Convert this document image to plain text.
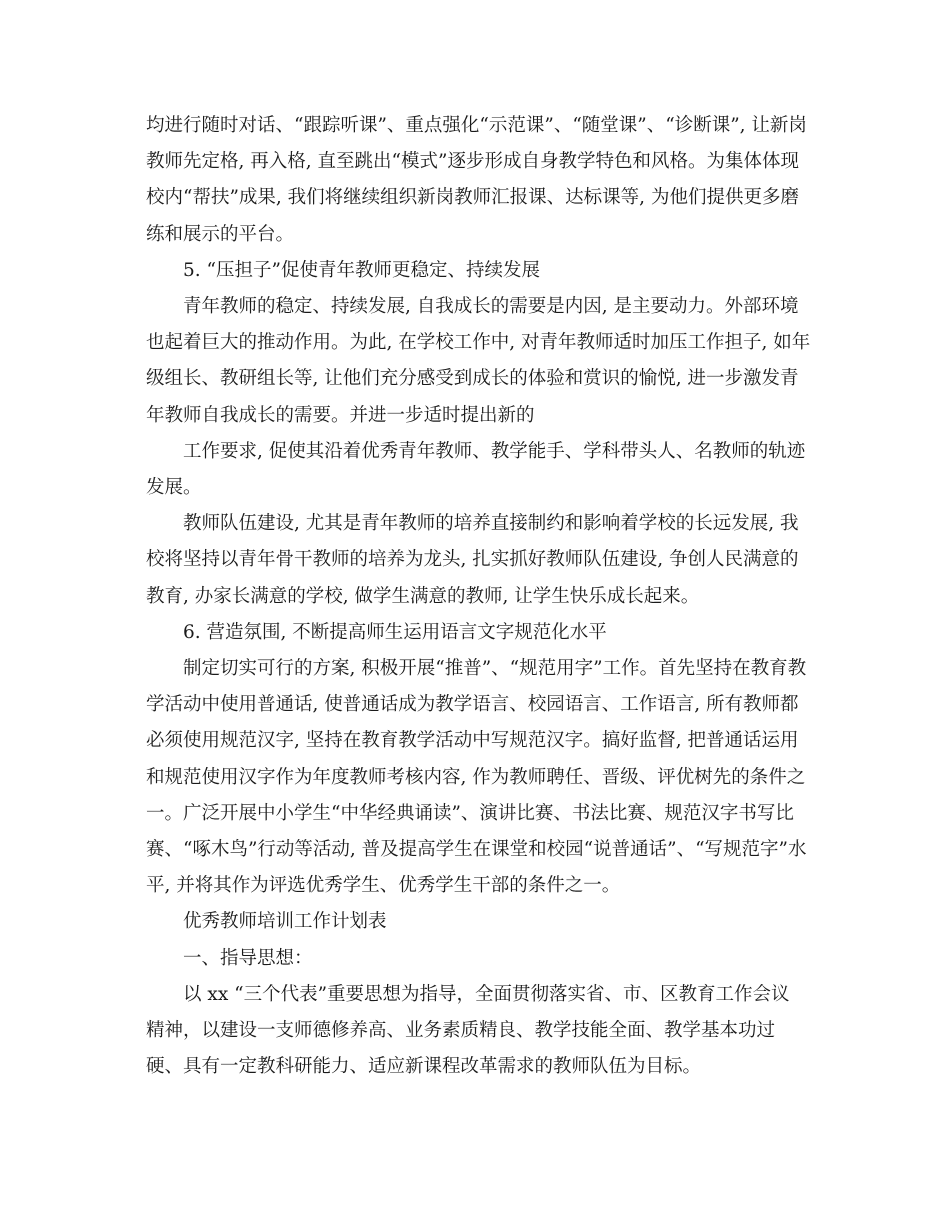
均进行随时对话、“跟踪听课”、重点强化“示范课”、“随堂课”、“诊断课”, 让新岗
教师先定格, 再入格, 直至跳出“模式”逐步形成自身教学特色和风格。为集体体现
校内“帮扶”成果, 我们将继续组织新岗教师汇报课、达标课等, 为他们提供更多磨
练和展示的平台。

5. “压担子”促使青年教师更稳定、持续发展

青年教师的稳定、持续发展, 自我成长的需要是内因, 是主要动力。外部环境
也起着巨大的推动作用。为此, 在学校工作中, 对青年教师适时加压工作担子, 如年
级组长、教研组长等, 让他们充分感受到成长的体验和赏识的愉悦, 进一步激发青
年教师自我成长的需要。并进一步适时提出新的

工作要求, 促使其沿着优秀青年教师、教学能手、学科带头人、名教师的轨迹
发展。

教师队伍建设, 尤其是青年教师的培养直接制约和影响着学校的长远发展, 我
校将坚持以青年骨干教师的培养为龙头, 扎实抓好教师队伍建设, 争创人民满意的
教育, 办家长满意的学校, 做学生满意的教师, 让学生快乐成长起来。

6. 营造氛围, 不断提高师生运用语言文字规范化水平

制定切实可行的方案, 积极开展“推普”、“规范用字”工作。首先坚持在教育教
学活动中使用普通话, 使普通话成为教学语言、校园语言、工作语言, 所有教师都
必须使用规范汉字, 坚持在教育教学活动中写规范汉字。搞好监督, 把普通话运用
和规范使用汉字作为年度教师考核内容, 作为教师聘任、晋级、评优树先的条件之
一。广泛开展中小学生“中华经典诵读”、演讲比赛、书法比赛、规范汉字书写比
赛、“啄木鸟”行动等活动, 普及提高学生在课堂和校园“说普通话”、“写规范字”水
平, 并将其作为评选优秀学生、优秀学生干部的条件之一。

优秀教师培训工作计划表

一、指导思想：

以 xx “三个代表”重要思想为指导，全面贯彻落实省、市、区教育工作会议
精神，以建设一支师德修养高、业务素质精良、教学技能全面、教学基本功过
硬、具有一定教科研能力、适应新课程改革需求的教师队伍为目标。
